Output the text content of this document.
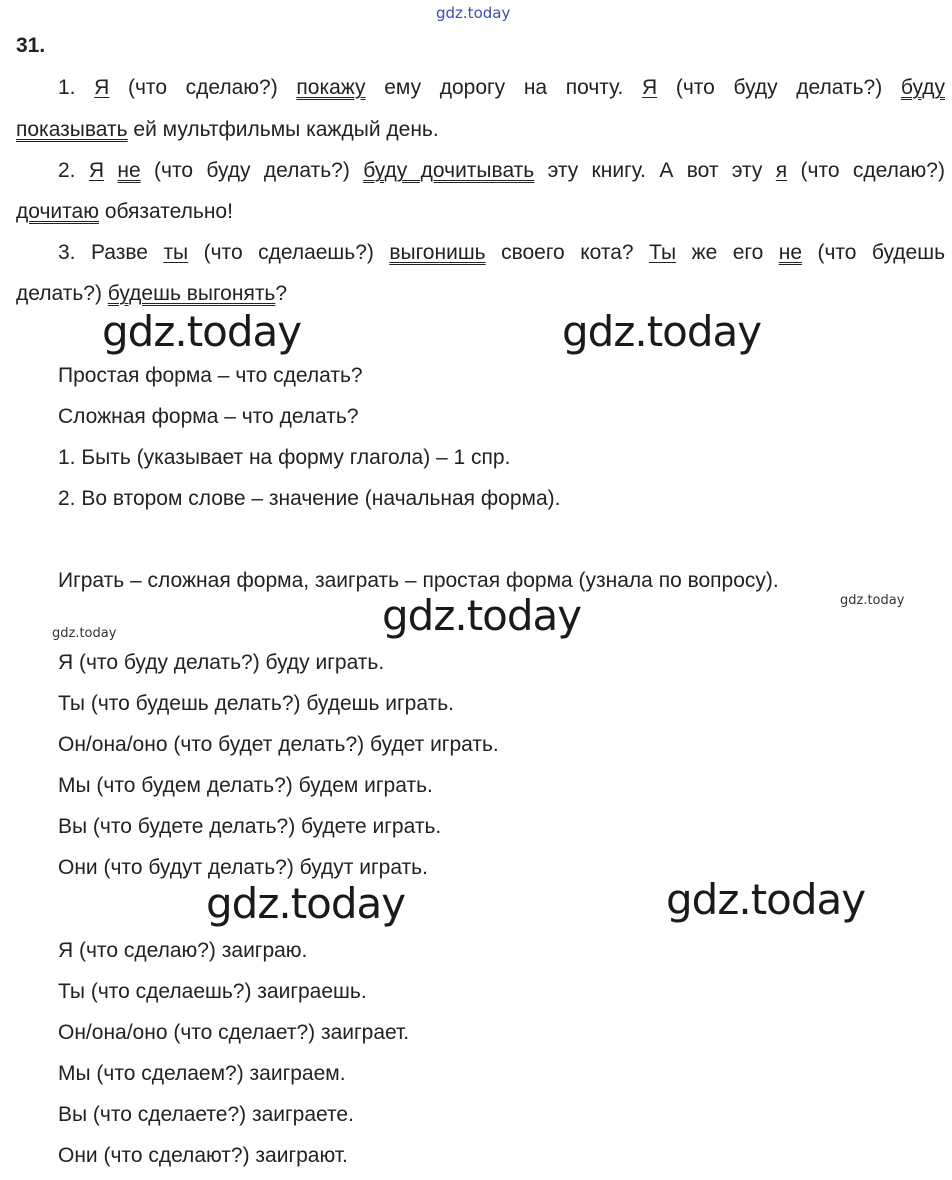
gdz.today
gdz.today	gdz.today
gdz.today	gdz.today
gdz.today
gdz.today	gdz.today
31.
1. Я (что сделаю?) покажу ему дорогу на почту. Я (что буду делать?) буду
показывать ей мультфильмы каждый день.
2. Я не (что буду делать?) буду дочитывать эту книгу. А вот эту я (что сделаю?)
дочитаю обязательно!
3. Разве ты (что сделаешь?) выгонишь своего кота? Ты же его не (что будешь
делать?) будешь выгонять?
Простая форма – что сделать?
Сложная форма – что делать?
1. Быть (указывает на форму глагола) – 1 спр.
2. Во втором слове – значение (начальная форма).
Играть – сложная форма, заиграть – простая форма (узнала по вопросу).
Я (что буду делать?) буду играть.
Ты (что будешь делать?) будешь играть.
Он/она/оно (что будет делать?) будет играть.
Мы (что будем делать?) будем играть.
Вы (что будете делать?) будете играть.
Они (что будут делать?) будут играть.
Я (что сделаю?) заиграю.
Ты (что сделаешь?) заиграешь.
Он/она/оно (что сделает?) заиграет.
Мы (что сделаем?) заиграем.
Вы (что сделаете?) заиграете.
Они (что сделают?) заиграют.
